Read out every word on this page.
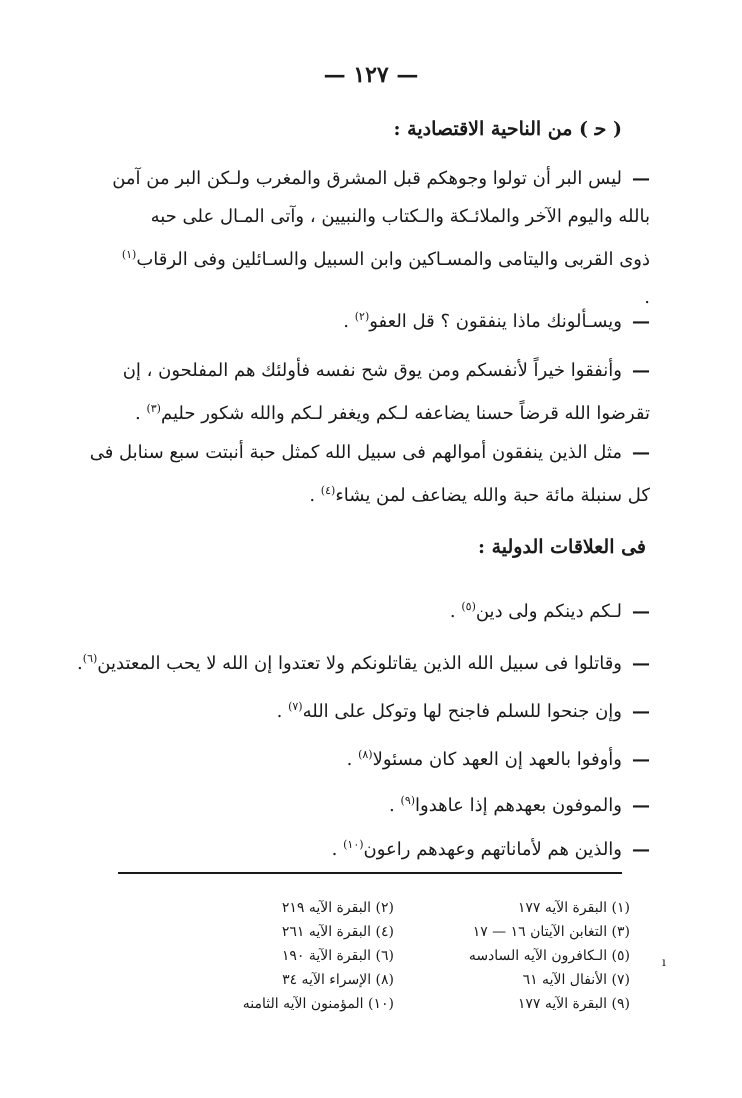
— ١٢٧ —
( ﺣ ) من الناحية الاقتصادية :
—ليس البر أن تولوا وجوهكم قبل المشرق والمغرب ولـكن البر من آمن
بالله واليوم الآخر والملائـكة والـكتاب والنبيين ، وآتى المـال على حبه
ذوى القربى واليتامى والمسـاكين وابن السبيل والسـائلين وفى الرقاب$^{(١)}$
.
—ويسـألونك ماذا ينفقون ؟ قل العفو$^{(٢)}$ .
—وأنفقوا خيراً لأنفسكم ومن يوق شح نفسه فأولئك هم المفلحون ، إن
تقرضوا الله قرضاً حسنا يضاعفه لـكم ويغفر لـكم والله شكور حليم$^{(٣)}$ .
—مثل الذين ينفقون أموالهم فى سبيل الله كمثل حبة أنبتت سبع سنابل فى
كل سنبلة مائة حبة والله يضاعف لمن يشاء$^{(٤)}$ .
فى العلاقات الدولية :
—لـكم دينكم ولى دين$^{(٥)}$ .
—وقاتلوا فى سبيل الله الذين يقاتلونكم ولا تعتدوا إن الله لا يحب المعتدين$^{(٦)}$.
—وإن جنحوا للسلم فاجنح لها وتوكل على الله$^{(٧)}$ .
—وأوفوا بالعهد إن العهد كان مسئولا$^{(٨)}$ .
—والموفون بعهدهم إذا عاهدوا$^{(٩)}$ .
—والذين هم لأماناتهم وعهدهم راعون$^{(١٠)}$ .
(١) البقرة الآيه ١٧٧
(٣) التغابن الآيتان ١٦ — ١٧
(٥) الـكافرون الآيه السادسه
(٧) الأنفال الآيه ٦١
(٩) البقرة الآيه ١٧٧
(٢) البقرة الآيه ٢١٩
(٤) البقرة الآيه ٢٦١
(٦) البقرة الآية ١٩٠
(٨) الإسراء الآيه ٣٤
(١٠) المؤمنون الآيه الثامنه
ı
